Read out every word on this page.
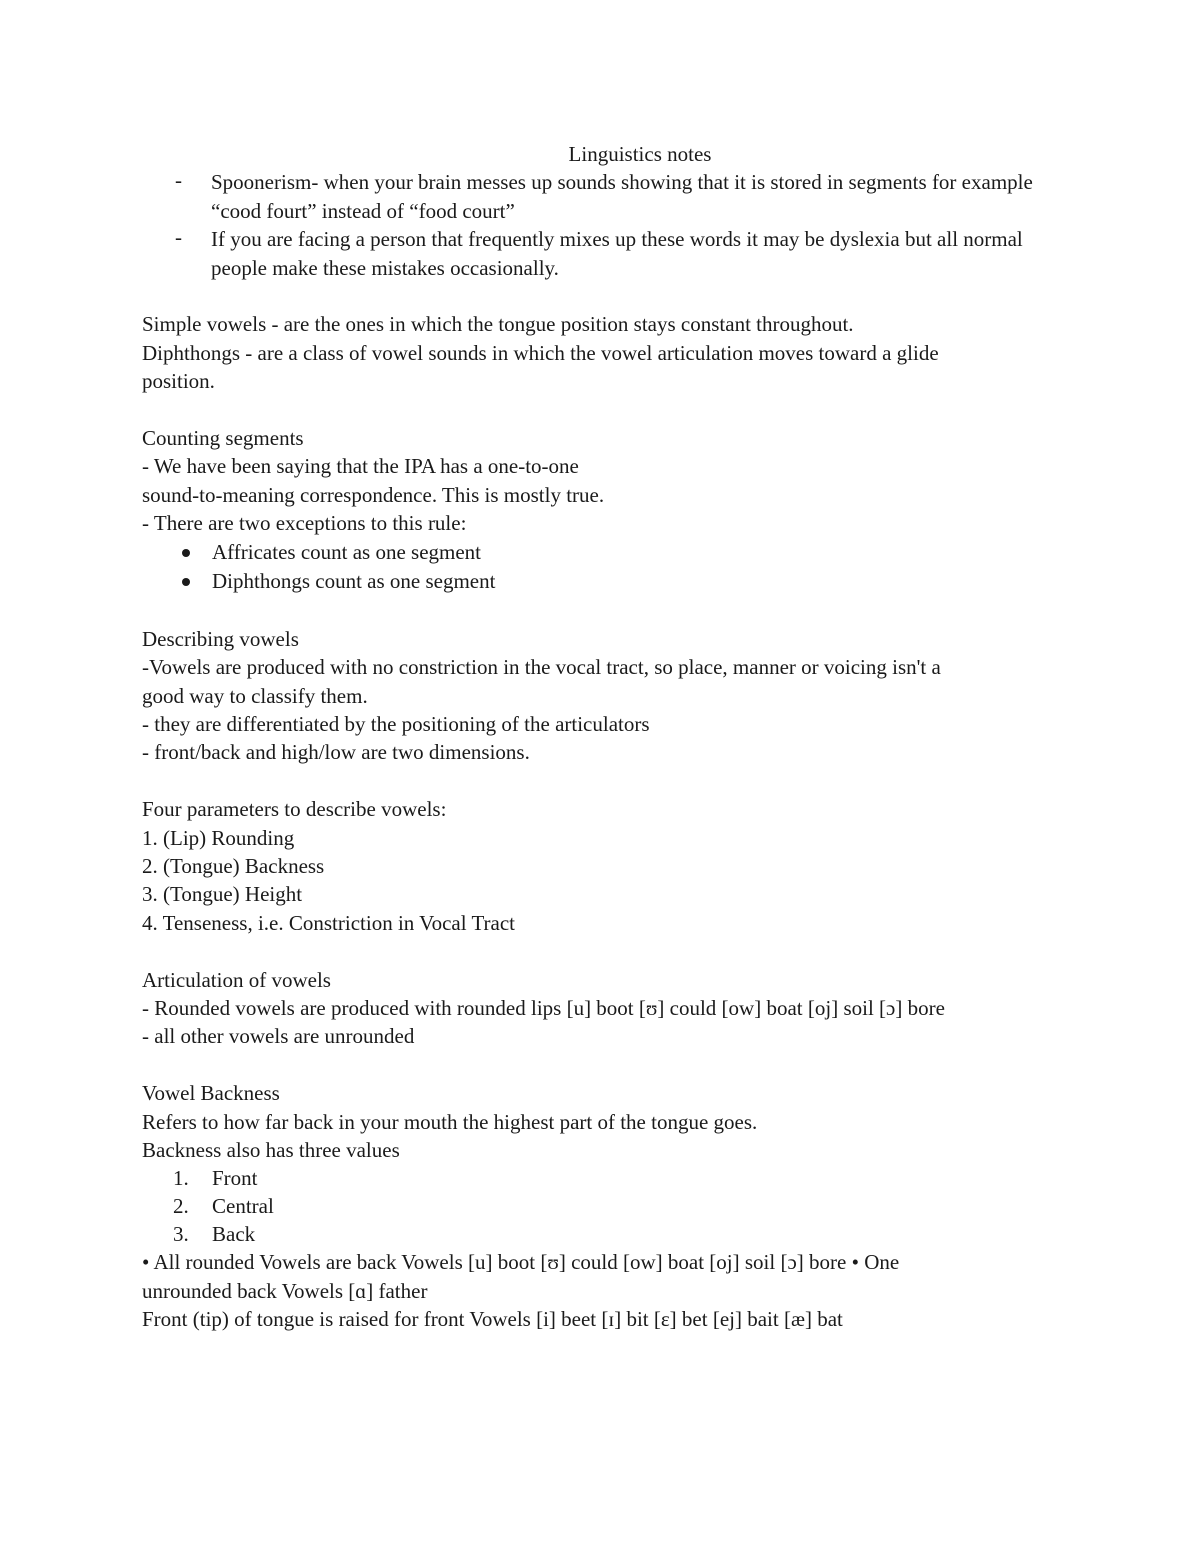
Linguistics notes
- Spoonerism- when your brain messes up sounds showing that it is stored in segments for example “cood fourt” instead of “food court”
- If you are facing a person that frequently mixes up these words it may be dyslexia but all normal people make these mistakes occasionally.
Simple vowels - are the ones in which the tongue position stays constant throughout.
Diphthongs - are a class of vowel sounds in which the vowel articulation moves toward a glide
position.
Counting segments
- We have been saying that the IPA has a one-to-one
sound-to-meaning correspondence. This is mostly true.
- There are two exceptions to this rule:
Affricates count as one segment
Diphthongs count as one segment
Describing vowels
-Vowels are produced with no constriction in the vocal tract, so place, manner or voicing isn't a
good way to classify them.
- they are differentiated by the positioning of the articulators
- front/back and high/low are two dimensions.
Four parameters to describe vowels:
1. (Lip) Rounding
2. (Tongue) Backness
3. (Tongue) Height
4. Tenseness, i.e. Constriction in Vocal Tract
Articulation of vowels
- Rounded vowels are produced with rounded lips [u] boot [ʊ] could [ow] boat [oj] soil [ɔ] bore
- all other vowels are unrounded
Vowel Backness
Refers to how far back in your mouth the highest part of the tongue goes.
Backness also has three values
1. Front
2. Central
3. Back
• All rounded Vowels are back Vowels [u] boot [ʊ] could [ow] boat [oj] soil [ɔ] bore • One
unrounded back Vowels [ɑ] father
Front (tip) of tongue is raised for front Vowels [i] beet [ɪ] bit [ɛ] bet [ej] bait [æ] bat
